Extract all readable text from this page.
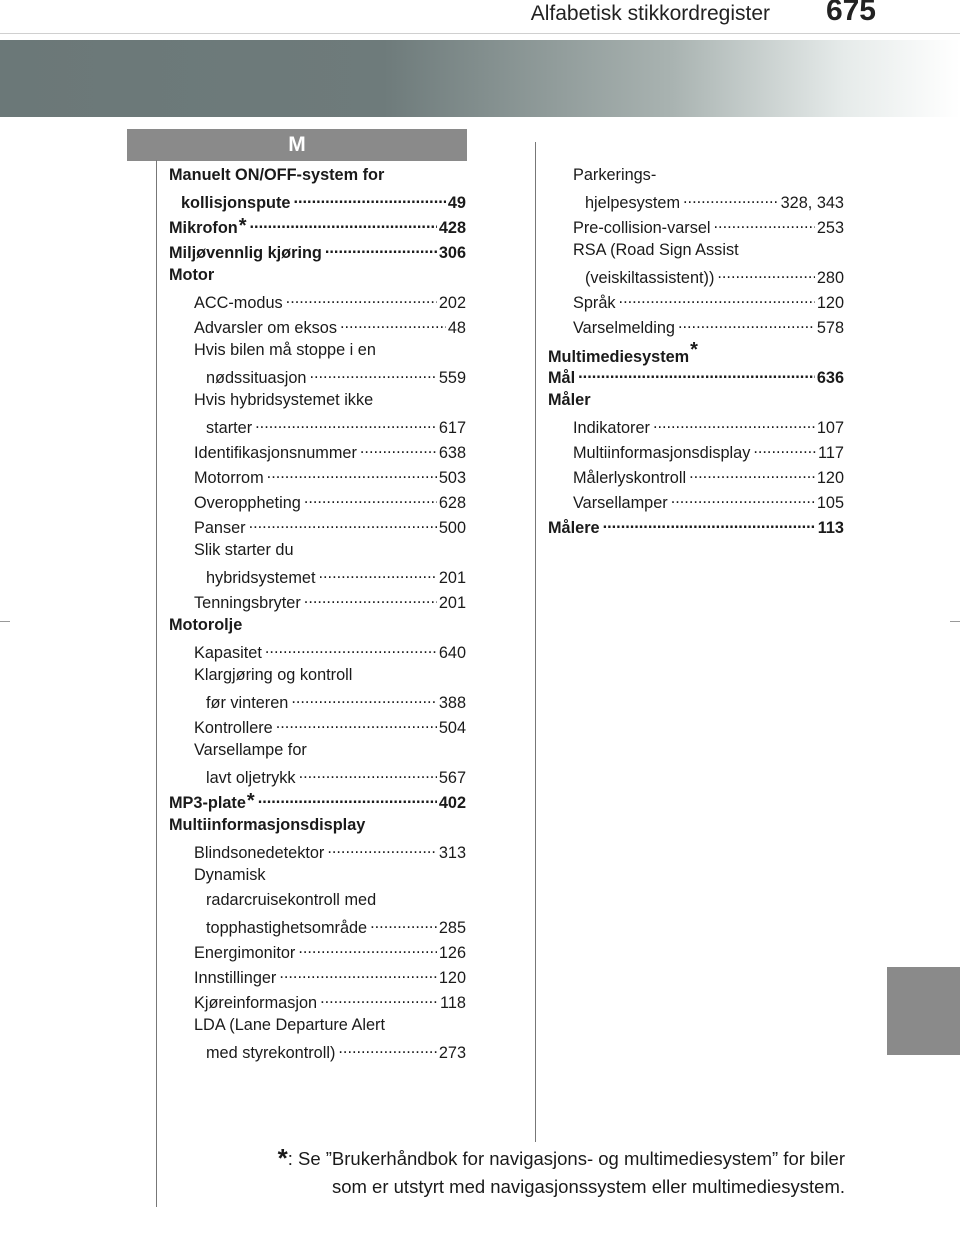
Alfabetisk stikkordregister 675
M
Manuelt ON/OFF-system for
kollisjonspute .....	49
Mikrofon * .....	428
Miljøvennlig kjøring .....	306
Motor
ACC-modus .....	202
Advarsler om eksos .....	48
Hvis bilen må stoppe i en
nødssituasjon .....	559
Hvis hybridsystemet ikke
starter .....	617
Identifikasjonsnummer .....	638
Motorrom .....	503
Overoppheting .....	628
Panser .....	500
Slik starter du
hybridsystemet .....	201
Tenningsbryter .....	201
Motorolje
Kapasitet .....	640
Klargjøring og kontroll
før vinteren .....	388
Kontrollere .....	504
Varsellampe for
lavt oljetrykk .....	567
MP3-plate * .....	402
Multiinformasjonsdisplay
Blindsonedetektor .....	313
Dynamisk
radarcruisekontroll med
topphastighetsområde .....	285
Energimonitor .....	126
Innstillinger .....	120
Kjøreinformasjon .....	118
LDA (Lane Departure Alert
med styrekontroll) .....	273
Parkerings-
hjelpesystem .....	328, 343
Pre-collision-varsel .....	253
RSA (Road Sign Assist
(veiskiltassistent)) .....	280
Språk .....	120
Varselmelding .....	578
Multimediesystem*
Mål .....	636
Måler
Indikatorer .....	107
Multiinformasjonsdisplay .....	117
Målerlyskontroll .....	120
Varsellamper .....	105
Målere .....	113
*: Se ”Brukerhåndbok for navigasjons- og multimediesystem” for biler
som er utstyrt med navigasjonssystem eller multimediesystem.
